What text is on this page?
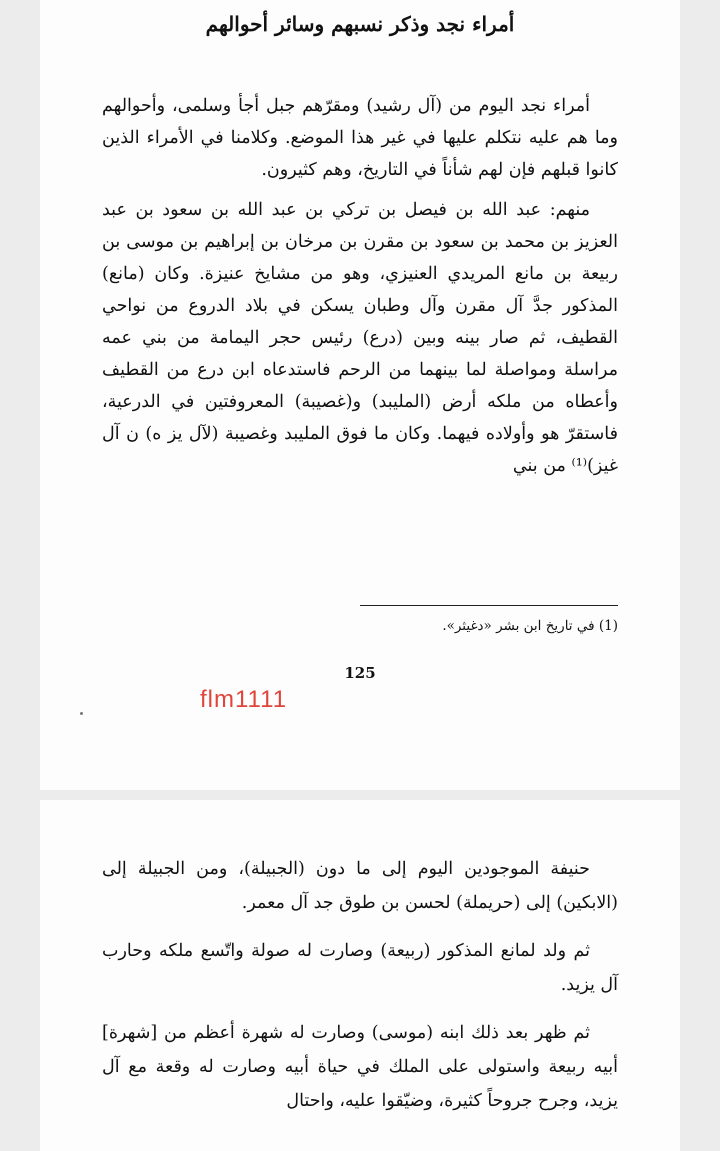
أمراء نجد وذكر نسبهم وسائر أحوالهم

أمراء نجد اليوم من (آل رشيد) ومقرّهم جبل أجأ وسلمى، وأحوالهم وما هم عليه نتكلم عليها في غير هذا الموضع. وكلامنا في الأمراء الذين كانوا قبلهم فإن لهم شأناً في التاريخ، وهم كثيرون.

منهم: عبد الله بن فيصل بن تركي بن عبد الله بن سعود بن عبد العزيز بن محمد بن سعود بن مقرن بن مرخان بن إبراهيم بن موسى بن ربيعة بن مانع المريدي العنيزي، وهو من مشايخ عنيزة. وكان (مانع) المذكور جدَّ آل مقرن وآل وطبان يسكن في بلاد الدروع من نواحي القطيف، ثم صار بينه وبين (درع) رئيس حجر اليمامة من بني عمه مراسلة ومواصلة لما بينهما من الرحم فاستدعاه ابن درع من القطيف وأعطاه من ملكه أرض (المليبد) و(غصيبة) المعروفتين في الدرعية، فاستقرّ هو وأولاده فيهما. وكان ما فوق المليبد وغصيبة (لآل يز ه) ن آل غيز)⁽¹⁾ من بني

(1) في تاريخ ابن بشر «دغيثر».
125
flm1111

حنيفة الموجودين اليوم إلى ما دون (الجبيلة)، ومن الجبيلة إلى (الابكين) إلى (حريملة) لحسن بن طوق جد آل معمر.

ثم ولد لمانع المذكور (ربيعة) وصارت له صولة واتّسع ملكه وحارب آل يزيد.

ثم ظهر بعد ذلك ابنه (موسى) وصارت له شهرة أعظم من [شهرة] أبيه ربيعة واستولى على الملك في حياة أبيه وصارت له وقعة مع آل يزيد، وجرح جروحاً كثيرة، وضيّقوا عليه، واحتال
